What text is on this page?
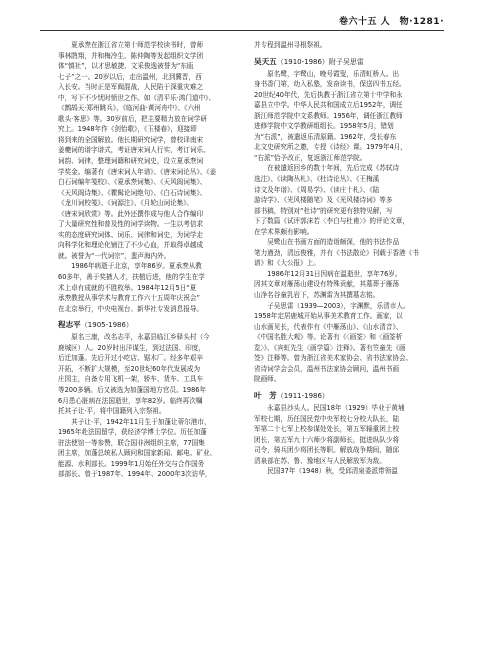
卷六十五 人　物·1281·
　　夏承焘在浙江省立第十师范学校读书时，曾师
事林鹍翔，并和梅冷生、陈仲陶等发起组织文学团
体“慎社”，以才思敏捷、文采俊逸被誉为“东瓯
七子”之一。20岁以后，走出温州，北到冀晋，西
入长安。当时正是军阀混战，人民陷于深重灾难之
中，写下不少忧时愤世之作。如《清平乐·鸿门道中》、
《鹧鸪天·郑州眺兵》、《临河曲·黄河舟中》、《六州
歌头·客思》等。30岁前后，把主要精力放在词学研
究上。1948年作《剑怡歌》，《玉楼春》，迎接即
将到来的全国解放。他长期研究词学，曾校译南宋
姜夔词的谱字谱式，考证唐宋词人行实，考订词乐、
词韵、词律，整理词籍和研究词史，设立夏承焘词
学奖金。编著有《唐宋词人年谱》、《唐宋词论丛》、《姜
白石词编年笺校》、《夏承焘词集》、《天风阁词集》、
《天风阁诗集》、《瞿髯论词绝句》、《白石诗词集》、
《龙川词校笺》、《词源注》、《月轮山词论集》、
《唐宋词欣赏》等。此外还撰作成与他人合作编印
了大量研究性和普及性的词学读物。一生以考信求
实的态度研究词体、词乐、词律和词史，为词学走
向科学化和理论化铺注了不少心血，并取得卓越成
就。被誉为“一代词宗”，蜚声海内外。
　　1986年病逝于北京，享年86岁。夏承焘从教
60多年，善于奖掖人才，扶植后进，他的学生在学
术上卓有成就的不胜枚举。1984年12月5日“夏
承焘教授从事学术与教育工作六十五周年庆祝会”
在北京举行，中央电视台、新华社专发消息报导。
程志平（1905-1986）
　　原名三康，改名志平，永嘉县临江乡驿头村（今
鹿城区）人。20岁时出洋谋生，到过法国、印度，
后迁加蓬。先后开过小吃店、锯木厂。经多年艰辛
开拓，不断扩大规模，至20世纪60年代发展成为
庄园主，自备专用飞机一架，轿车、货车、工具车
等200多辆。后又被选为加蓬国地方官员。1986年
6月患心脏病在法国逝世，享年82岁。临终再次嘱
托其子让·平，将中国籍列入宗祭祖。
　　其子让·平，1942年11月生于加蓬让蒂尔港市，
1965年赴法国留学，获经济学博士学位。历任加蓬
驻法使馆一等参赞，联合国非洲组织主席，77国集
团主席，加蓬总统私人顾问和国家新闻、邮电、矿业、
能源、水利部长。1999年1月始任外交与合作国务
部部长。曾于1987年、1994年、2000年3次访华，
并专程到温州寻根祭祖。
吴天五（1910-1986）附子吴思雷
　　原名鹭，字鹭山，晚号霞叟，乐清虹桥人。出
身书香门第，幼入私塾，发奋读书，保送四书五经。
20世纪40年代，先后执教于浙江省立第十中学和永
嘉县立中学。中华人民共和国成立后1952年，调任
浙江师范学院中文系教师。1956年，调任浙江教师
进修学院中文学教研组组长。1958年5月，错划
为“右派”，被遣返乐清原籍。1962年，受长春东
北文史研究所之邀，专授《诗经》课。1979年4月，
“右派”恰予改正，复返浙江师范学院。
　　在被遣返回乡的数十年间，先后完成《苏轼诗
选注》、《读陶丛札》、《杜诗论丛》、《王梅溪
诗文及年谱》、《周易学》、《读庄十札》、《陆
游诗学》、《光风楼随笔》及《光风楼诗词》等多
部书稿，特别对“杜诗”的研究更有独特见解，写
下了数篇《试评郭沫若〈李白与杜甫〉》的评论文章，
在学术界颇有影响。
　　吴鹭山在书画方面的造诣颇深，他的书法作品
笔力遒劲，清远俊雅，并有《书法散论》刊载于香港《书
谱》和《大公报》上。
　　1986年12月31日因病在温逝世，享年76岁。
因其文章对雁荡山建设有特殊贡献，其墓葬于雁荡
山净名谷童乳岩下，苏渊雷为其撰墓志铭。
　　子吴思雷（1939—2003），字渊默，乐清市人。
1958年定居鹿城开始从事美术教育工作。画家，以
山水画见长，代表作有《中雁荡山》、《山水清音》、
《中国名胜大观》等。论著有《〈画筌〉和〈画筌析
览〉》、《宾虹先生〈画学篇〉注释》。著有笠童先《画
签》注释等。曾为浙江省美术家协会、省书法家协会、
省诗词学会会员，温州书法家协会顾问，温州书画
院画师。
叶　芳（1911-1986）
　　永嘉县沙头人。民国18年（1929）毕业于黄埔
军校七期，历任国民党中央军校七分校大队长，陆
军第二十七军上校参谋处处长，第五军辎重团上校
团长、第五军九十六师少将副师长，挺进纵队少将
司令，骑兵团少将团长等职。解放战争期间，随邱
清泉部在苏、鲁、豫地区与人民解放军为敌。
　　民国37年（1948）秋，受邱清泉委派带领温
